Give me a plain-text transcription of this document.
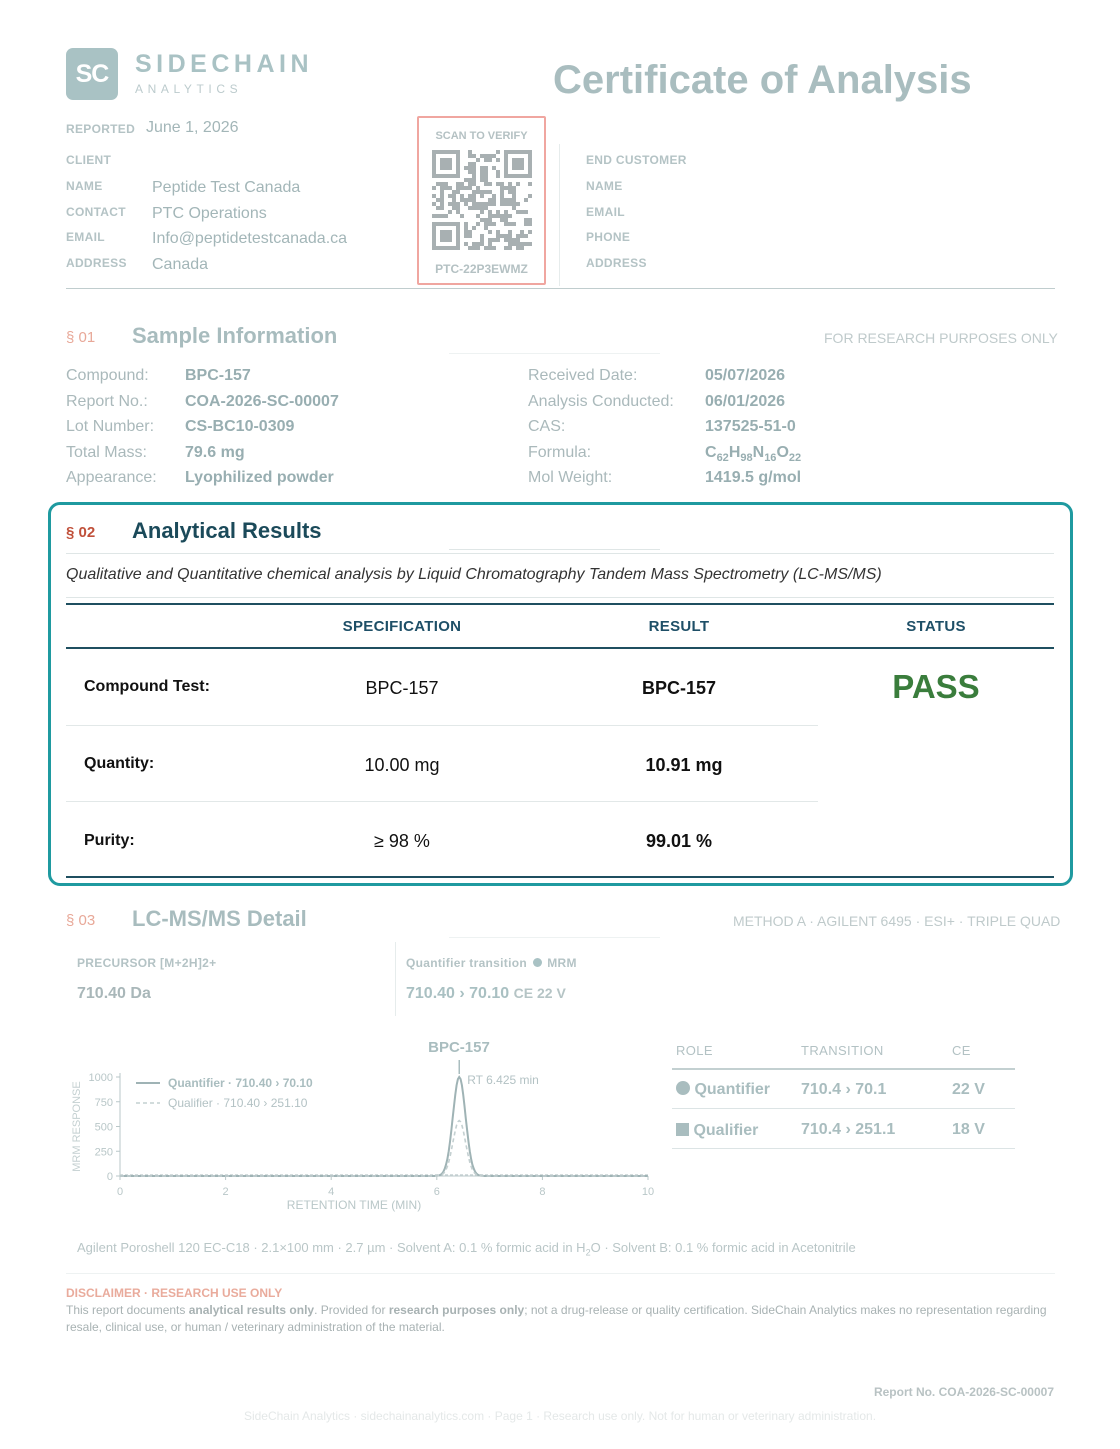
SC	SIDECHAIN
ANALYTICS	Certificate of Analysis
REPORTED June 1, 2026
CLIENT
NAME	Peptide Test Canada
CONTACT PTC Operations
EMAIL	Info@peptidetestcanada.ca
ADDRESS Canada
SCAN TO VERIFY
PTC-22P3EWMZ
END CUSTOMER
NAME
EMAIL
PHONE
ADDRESS
§ 01 Sample Information	FOR RESEARCH PURPOSES ONLY
Compound: BPC-157
Report No.: COA-2026-SC-00007
Lot Number: CS-BC10-0309
Total Mass: 79.6 mg
Appearance: Lyophilized powder
Received Date:	05/07/2026
Analysis Conducted: 06/01/2026
CAS:	137525-51-0
Formula:	$C_{62}H_{98}N_{16}O_{22}$
Mol Weight:	1419.5 g/mol
§ 02 Analytical Results
Qualitative and Quantitative chemical analysis by Liquid Chromatography Tandem Mass Spectrometry (LC-MS/MS)
SPECIFICATION	RESULT	STATUS
Compound Test:	BPC-157	BPC-157	PASS
Quantity:	10.00 mg	10.91 mg
Purity:	≥ 98 %	99.01 %
§ 03 LC-MS/MS Detail	METHOD A · AGILENT 6495 · ESI+ · TRIPLE QUAD
PRECURSOR [M+2H]2+
710.40 Da
Quantifier transition MRM
710.40 › 70.10 CE 22 V
BPC-157
0
250
500
750
1000
0	2	4	6	8	10
RETENTION TIME (MIN)
MRM RESPONSE
RT 6.425 min
Quantifier · 710.40 › 70.10
Qualifier · 710.40 › 251.10
ROLE	TRANSITION	CE
Quantifier 710.4 › 70.1	22 V
Qualifier	710.4 › 251.1	18 V
Agilent Poroshell 120 EC-C18 · 2.1×100 mm · 2.7 µm · Solvent A: 0.1 % formic acid in $H_2O$ · Solvent B: 0.1 % formic acid in Acetonitrile
DISCLAIMER · RESEARCH USE ONLY
This report documents analytical results only. Provided for research purposes only; not a drug-release or quality certification. SideChain Analytics makes no representation regarding resale, clinical use, or human / veterinary administration of the material.
Report No. COA-2026-SC-00007
SideChain Analytics · sidechainanalytics.com · Page 1 · Research use only. Not for human or veterinary administration.
